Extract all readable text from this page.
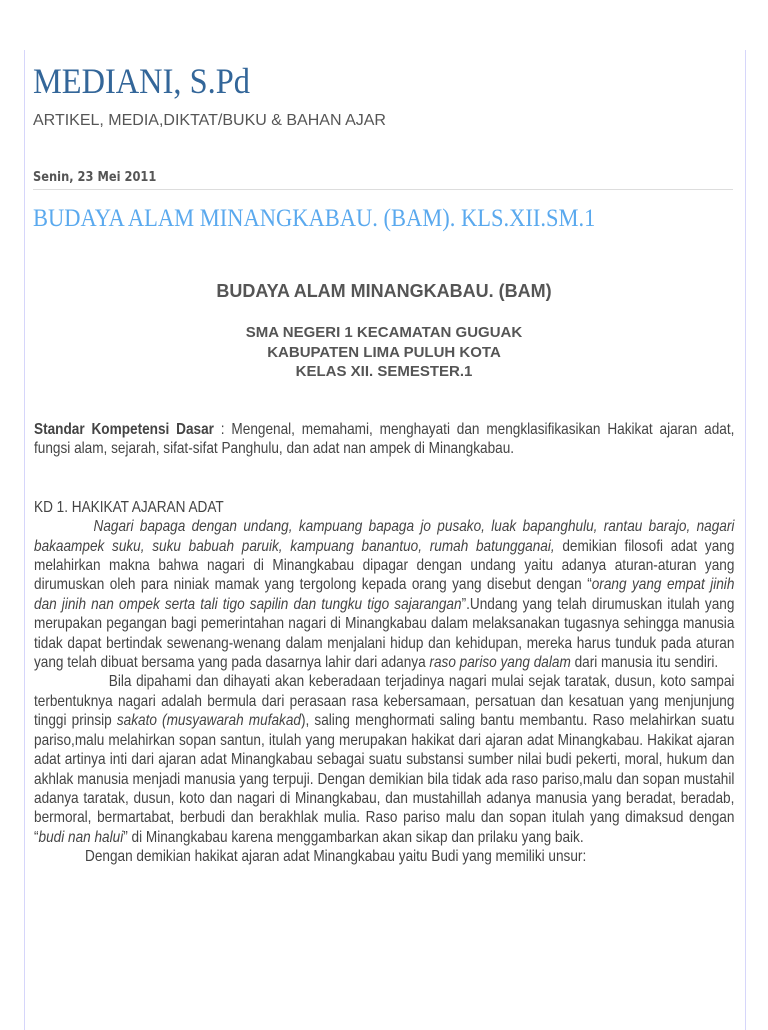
MEDIANI, S.Pd
ARTIKEL, MEDIA,DIKTAT/BUKU & BAHAN AJAR
Senin, 23 Mei 2011
BUDAYA ALAM MINANGKABAU. (BAM). KLS.XII.SM.1
BUDAYA ALAM MINANGKABAU. (BAM)
SMA NEGERI 1 KECAMATAN GUGUAK
KABUPATEN LIMA PULUH KOTA
KELAS XII. SEMESTER.1

Standar Kompetensi Dasar : Mengenal, memahami, menghayati dan mengklasifikasikan Hakikat ajaran adat, fungsi alam, sejarah, sifat-sifat Panghulu, dan adat nan ampek di Minangkabau.

KD 1. HAKIKAT AJARAN ADAT

Nagari bapaga dengan undang, kampuang bapaga jo pusako, luak bapanghulu, rantau barajo, nagari bakaampek suku, suku babuah paruik, kampuang banantuo, rumah batungganai, demikian filosofi adat yang melahirkan makna bahwa nagari di Minangkabau dipagar dengan undang yaitu adanya aturan-aturan yang dirumuskan oleh para niniak mamak yang tergolong kepada orang yang disebut dengan “orang yang empat jinih dan jinih nan ompek serta tali tigo sapilin dan tungku tigo sajarangan”.Undang yang telah dirumuskan itulah yang merupakan pegangan bagi pemerintahan nagari di Minangkabau dalam melaksanakan tugasnya sehingga manusia tidak dapat bertindak sewenang-wenang dalam menjalani hidup dan kehidupan, mereka harus tunduk pada aturan yang telah dibuat bersama yang pada dasarnya lahir dari adanya raso pariso yang dalam dari manusia itu sendiri.

Bila dipahami dan dihayati akan keberadaan terjadinya nagari mulai sejak taratak, dusun, koto sampai terbentuknya nagari adalah bermula dari perasaan rasa kebersamaan, persatuan dan kesatuan yang menjunjung tinggi prinsip sakato (musyawarah mufakad), saling menghormati saling bantu membantu. Raso melahirkan suatu pariso,malu melahirkan sopan santun, itulah yang merupakan hakikat dari ajaran adat Minangkabau. Hakikat ajaran adat artinya inti dari ajaran adat Minangkabau sebagai suatu substansi sumber nilai budi pekerti, moral, hukum dan akhlak manusia menjadi manusia yang terpuji. Dengan demikian bila tidak ada raso pariso,malu dan sopan mustahil adanya taratak, dusun, koto dan nagari di Minangkabau, dan mustahillah adanya manusia yang beradat, beradab, bermoral, bermartabat, berbudi dan berakhlak mulia. Raso pariso malu dan sopan itulah yang dimaksud dengan “budi nan halui” di Minangkabau karena menggambarkan akan sikap dan prilaku yang baik.

Dengan demikian hakikat ajaran adat Minangkabau yaitu Budi yang memiliki unsur:
